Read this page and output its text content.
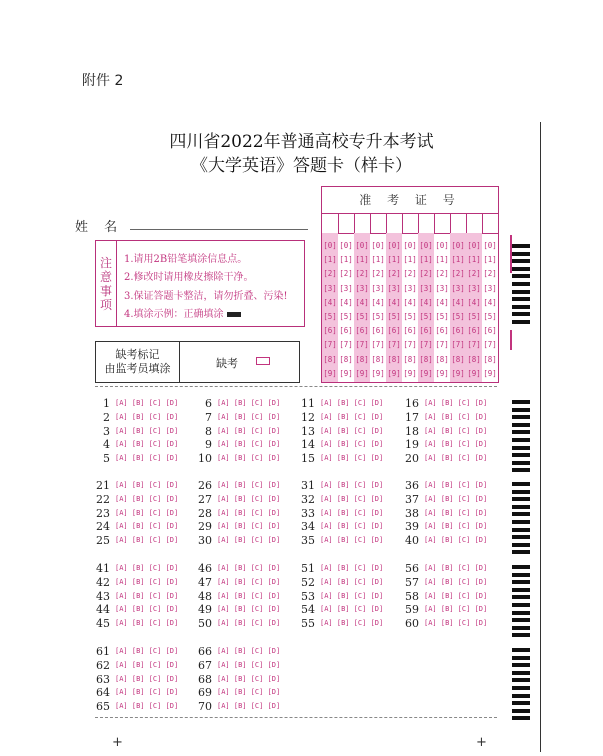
附件 2
四川省2022年普通高校专升本考试
《大学英语》答题卡（样卡）
姓 名
注
意
事
项
1.请用2B铅笔填涂信息点。
2.修改时请用橡皮擦除干净。
3.保证答题卡整洁，请勿折叠、污染!
4.填涂示例：正确填涂
缺考标记
由监考员填涂	缺考
准 考 证 号
[0]
[1]
[2]
[3]
[4]
[5]
[6]
[7]
[8]
[9]
[0]
[1]
[2]
[3]
[4]
[5]
[6]
[7]
[8]
[9]
[0]
[1]
[2]
[3]
[4]
[5]
[6]
[7]
[8]
[9]
[0]
[1]
[2]
[3]
[4]
[5]
[6]
[7]
[8]
[9]
[0]
[1]
[2]
[3]
[4]
[5]
[6]
[7]
[8]
[9]
[0]
[1]
[2]
[3]
[4]
[5]
[6]
[7]
[8]
[9]
[0]
[1]
[2]
[3]
[4]
[5]
[6]
[7]
[8]
[9]
[0]
[1]
[2]
[3]
[4]
[5]
[6]
[7]
[8]
[9]
[0]
[1]
[2]
[3]
[4]
[5]
[6]
[7]
[8]
[9]
[0]
[1]
[2]
[3]
[4]
[5]
[6]
[7]
[8]
[9]
[0]
[1]
[2]
[3]
[4]
[5]
[6]
[7]
[8]
[9]
1 [A] [B] [C] [D]
2 [A] [B] [C] [D]
3 [A] [B] [C] [D]
4 [A] [B] [C] [D]
5 [A] [B] [C] [D]
6 [A] [B] [C] [D]
7 [A] [B] [C] [D]
8 [A] [B] [C] [D]
9 [A] [B] [C] [D]
10 [A] [B] [C] [D]
11 [A] [B] [C] [D]
12 [A] [B] [C] [D]
13 [A] [B] [C] [D]
14 [A] [B] [C] [D]
15 [A] [B] [C] [D]
16 [A] [B] [C] [D]
17 [A] [B] [C] [D]
18 [A] [B] [C] [D]
19 [A] [B] [C] [D]
20 [A] [B] [C] [D]
21 [A] [B] [C] [D]
22 [A] [B] [C] [D]
23 [A] [B] [C] [D]
24 [A] [B] [C] [D]
25 [A] [B] [C] [D]
26 [A] [B] [C] [D]
27 [A] [B] [C] [D]
28 [A] [B] [C] [D]
29 [A] [B] [C] [D]
30 [A] [B] [C] [D]
31 [A] [B] [C] [D]
32 [A] [B] [C] [D]
33 [A] [B] [C] [D]
34 [A] [B] [C] [D]
35 [A] [B] [C] [D]
36 [A] [B] [C] [D]
37 [A] [B] [C] [D]
38 [A] [B] [C] [D]
39 [A] [B] [C] [D]
40 [A] [B] [C] [D]
41 [A] [B] [C] [D]
42 [A] [B] [C] [D]
43 [A] [B] [C] [D]
44 [A] [B] [C] [D]
45 [A] [B] [C] [D]
46 [A] [B] [C] [D]
47 [A] [B] [C] [D]
48 [A] [B] [C] [D]
49 [A] [B] [C] [D]
50 [A] [B] [C] [D]
51 [A] [B] [C] [D]
52 [A] [B] [C] [D]
53 [A] [B] [C] [D]
54 [A] [B] [C] [D]
55 [A] [B] [C] [D]
56 [A] [B] [C] [D]
57 [A] [B] [C] [D]
58 [A] [B] [C] [D]
59 [A] [B] [C] [D]
60 [A] [B] [C] [D]
61 [A] [B] [C] [D]
62 [A] [B] [C] [D]
63 [A] [B] [C] [D]
64 [A] [B] [C] [D]
65 [A] [B] [C] [D]
66 [A] [B] [C] [D]
67 [A] [B] [C] [D]
68 [A] [B] [C] [D]
69 [A] [B] [C] [D]
70 [A] [B] [C] [D]
+	+
